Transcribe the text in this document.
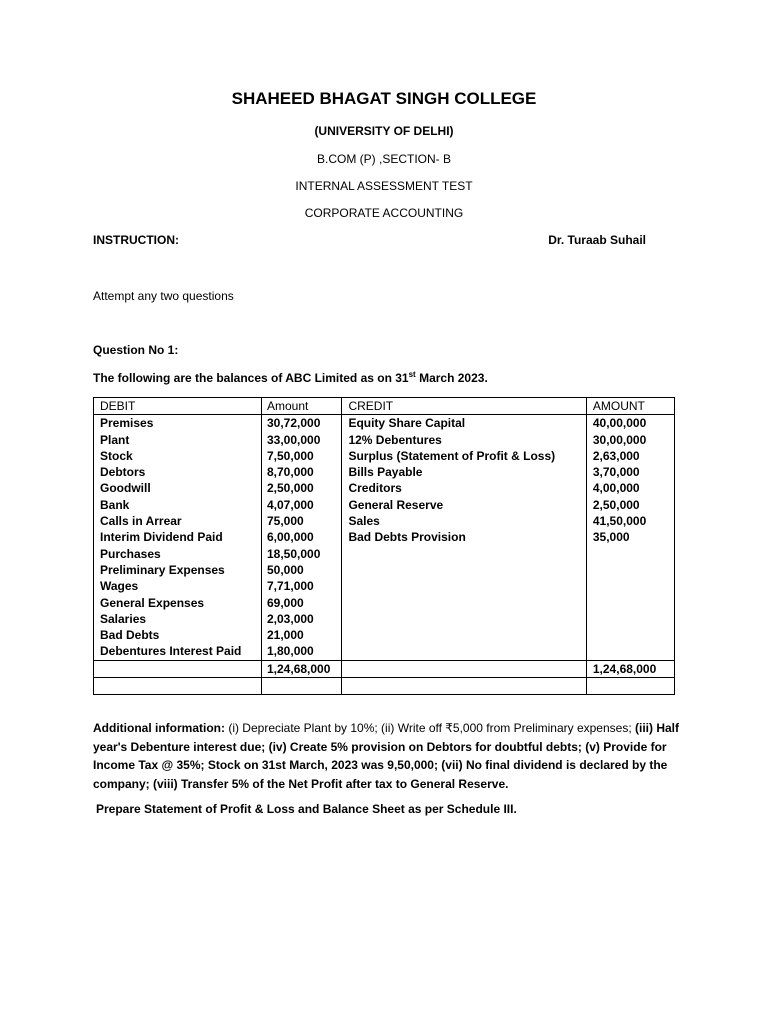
SHAHEED BHAGAT SINGH COLLEGE
(UNIVERSITY OF DELHI)
B.COM (P) ,SECTION- B
INTERNAL ASSESSMENT TEST
CORPORATE ACCOUNTING
INSTRUCTION:	Dr. Turaab Suhail
Attempt any two questions
Question No 1:
The following are the balances of ABC Limited as on 31st March 2023.
DEBIT	Amount	CREDIT	AMOUNT
Premises	30,72,000	Equity Share Capital	40,00,000
Plant	33,00,000	12% Debentures	30,00,000
Stock	7,50,000	Surplus (Statement of Profit & Loss)	2,63,000
Debtors	8,70,000	Bills Payable	3,70,000
Goodwill	2,50,000	Creditors	4,00,000
Bank	4,07,000	General Reserve	2,50,000
Calls in Arrear	75,000	Sales	41,50,000
Interim Dividend Paid	6,00,000	Bad Debts Provision	35,000
Purchases	18,50,000		
Preliminary Expenses	50,000		
Wages	7,71,000		
General Expenses	69,000		
Salaries	2,03,000		
Bad Debts	21,000		
Debentures Interest Paid	1,80,000		
	1,24,68,000		1,24,68,000

Additional information: (i) Depreciate Plant by 10%; (ii) Write off ₹5,000 from Preliminary expenses; (iii) Half year's Debenture interest due; (iv) Create 5% provision on Debtors for doubtful debts; (v) Provide for Income Tax @ 35%; Stock on 31st March, 2023 was 9,50,000; (vii) No final dividend is declared by the company; (viii) Transfer 5% of the Net Profit after tax to General Reserve.
Prepare Statement of Profit & Loss and Balance Sheet as per Schedule III.
